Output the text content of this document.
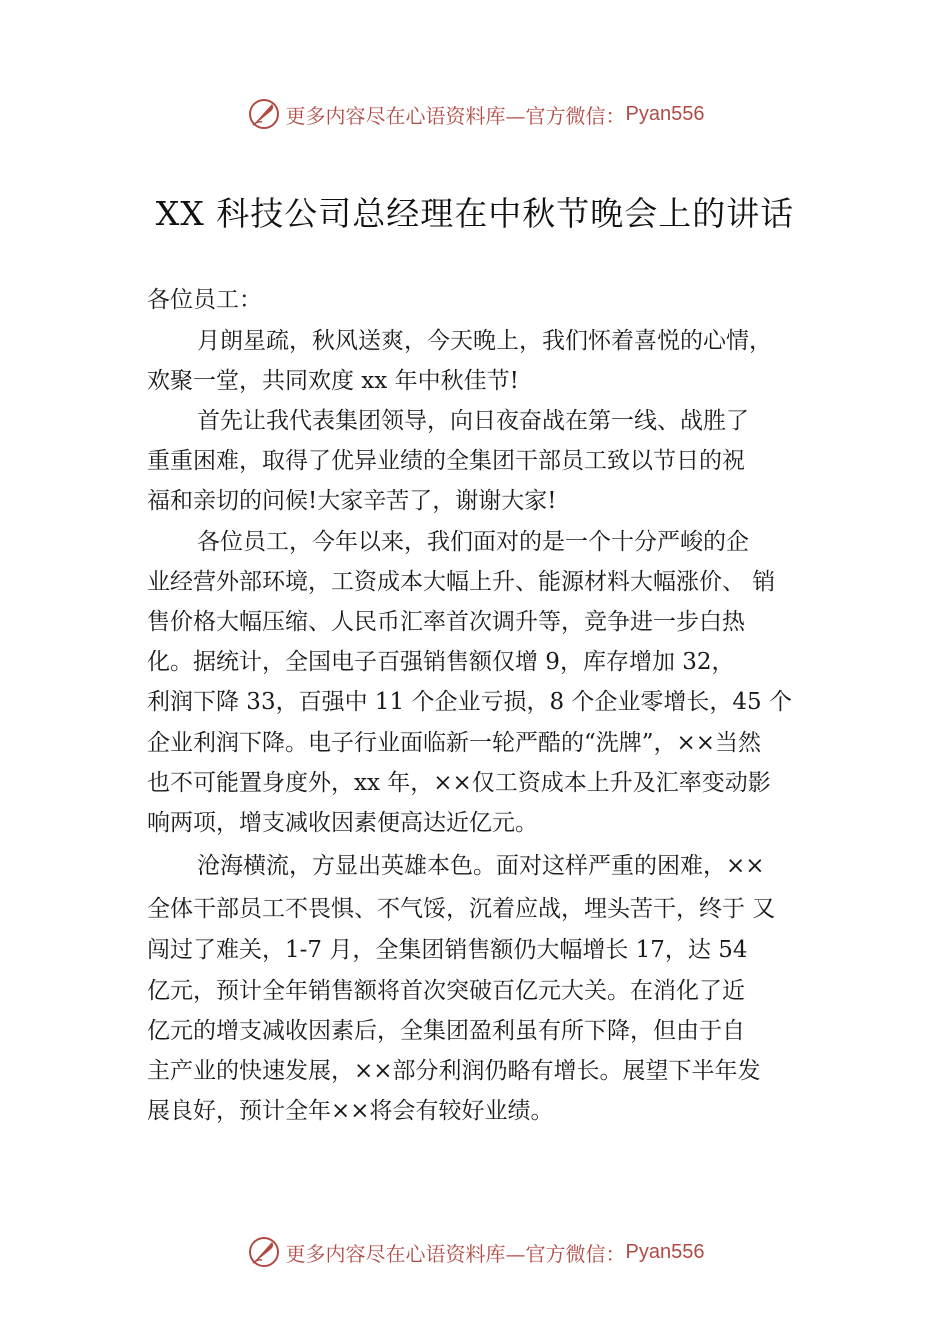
更多内容尽在心语资料库—官方微信： Pyan556
XX 科技公司总经理在中秋节晚会上的讲话
各位员工：
月朗星疏，秋风送爽，今天晚上，我们怀着喜悦的心情，
欢聚一堂，共同欢度 xx 年中秋佳节!
首先让我代表集团领导，向日夜奋战在第一线、战胜了
重重困难，取得了优异业绩的全集团干部员工致以节日的祝
福和亲切的问候!大家辛苦了，谢谢大家!
各位员工，今年以来，我们面对的是一个十分严峻的企
业经营外部环境，工资成本大幅上升、能源材料大幅涨价、 销
售价格大幅压缩、人民币汇率首次调升等，竞争进一步白热
化。据统计，全国电子百强销售额仅增 9，库存增加 32，
利润下降 33，百强中 11 个企业亏损，8 个企业零增长，45 个
企业利润下降。电子行业面临新一轮严酷的“洗牌”，××当然
也不可能置身度外，xx 年，××仅工资成本上升及汇率变动影
响两项，增支减收因素便高达近亿元。
沧海横流，方显出英雄本色。面对这样严重的困难，××
全体干部员工不畏惧、不气馁，沉着应战，埋头苦干，终于 又
闯过了难关，1-7 月，全集团销售额仍大幅增长 17，达 54
亿元，预计全年销售额将首次突破百亿元大关。在消化了近
亿元的增支减收因素后，全集团盈利虽有所下降，但由于自
主产业的快速发展，××部分利润仍略有增长。展望下半年发
展良好，预计全年××将会有较好业绩。
更多内容尽在心语资料库—官方微信： Pyan556
